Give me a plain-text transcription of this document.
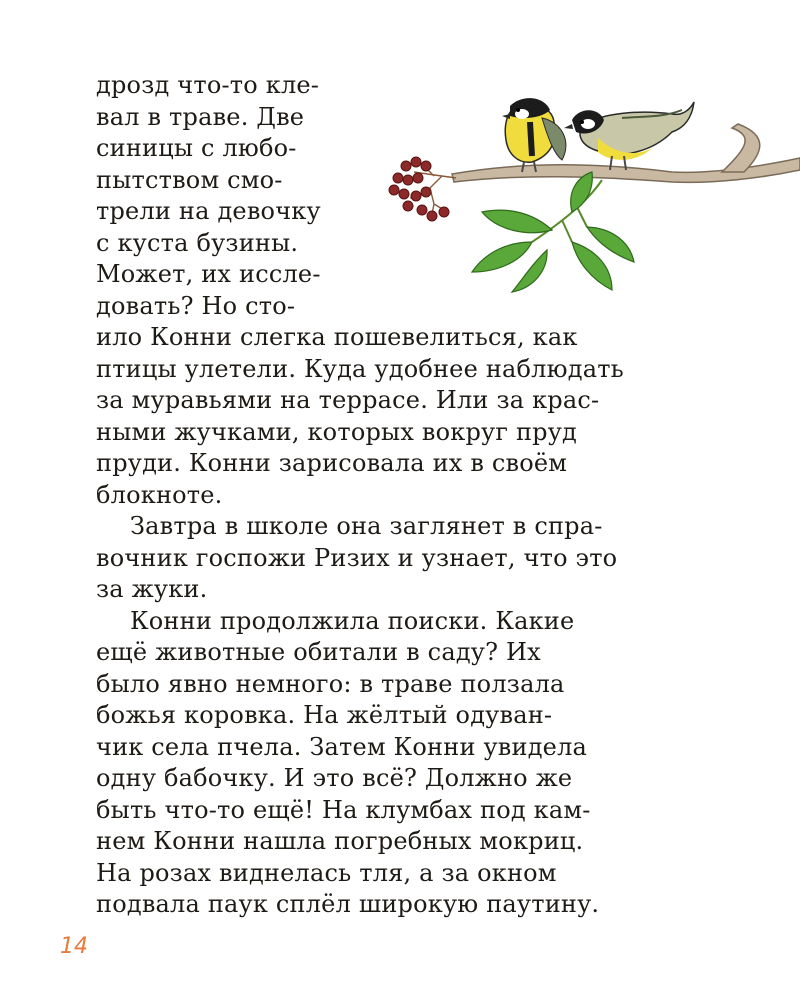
дрозд что-то кле-
вал в траве. Две
синицы с любо-
пытством смо-
трели на девочку
с куста бузины.
Может, их иссле-
довать? Но сто-
ило Конни слегка пошевелиться, как
птицы улетели. Куда удобнее наблюдать
за муравьями на террасе. Или за крас-
ными жучками, которых вокруг пруд
пруди. Конни зарисовала их в своём
блокноте.
Завтра в школе она заглянет в спра-
вочник госпожи Ризих и узнает, что это
за жуки.
Конни продолжила поиски. Какие
ещё животные обитали в саду? Их
было явно немного: в траве ползала
божья коровка. На жёлтый одуван-
чик села пчела. Затем Конни увидела
одну бабочку. И это всё? Должно же
быть что-то ещё! На клумбах под кам-
нем Конни нашла погребных мокриц.
На розах виднелась тля, а за окном
подвала паук сплёл широкую паутину.
14
